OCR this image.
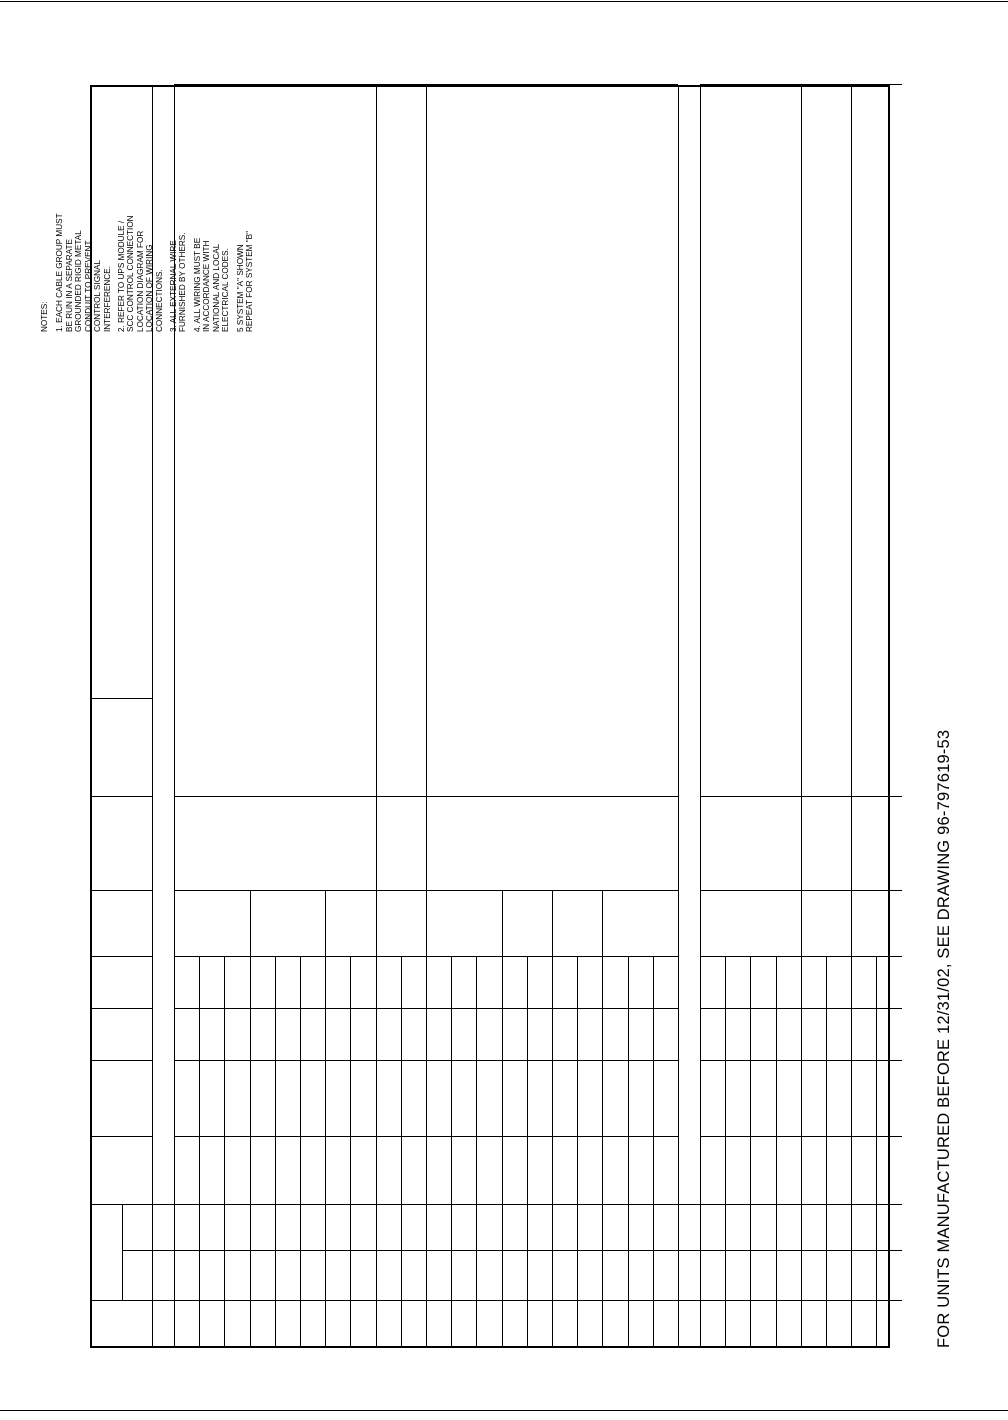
FOR UNITS MANUFACTURED BEFORE 12/31/02, SEE DRAWING 96-797619-53
NOTES: 1. EACH CABLE GROUP MUST
BE RUN IN A SEPARATE
GROUNDED RIGID METAL
CONDUIT TO PREVENT
CONTROL SIGNAL
INTERFERENCE. 2. REFER TO UPS MODULE /
SCC CONTROL CONNECTION
LOCATION DIAGRAM FOR
LOCATION OF WIRING
CONNECTIONS. 3. ALL EXTERNAL WIRE
FURNISHED BY OTHERS.
4. ALL WIRING MUST BE
IN ACCORDANCE WITH
NATIONAL AND LOCAL
ELECTRICAL CODES.
5 SYSTEM "A" SHOWN
REPEAT FOR SYSTEM "B"
